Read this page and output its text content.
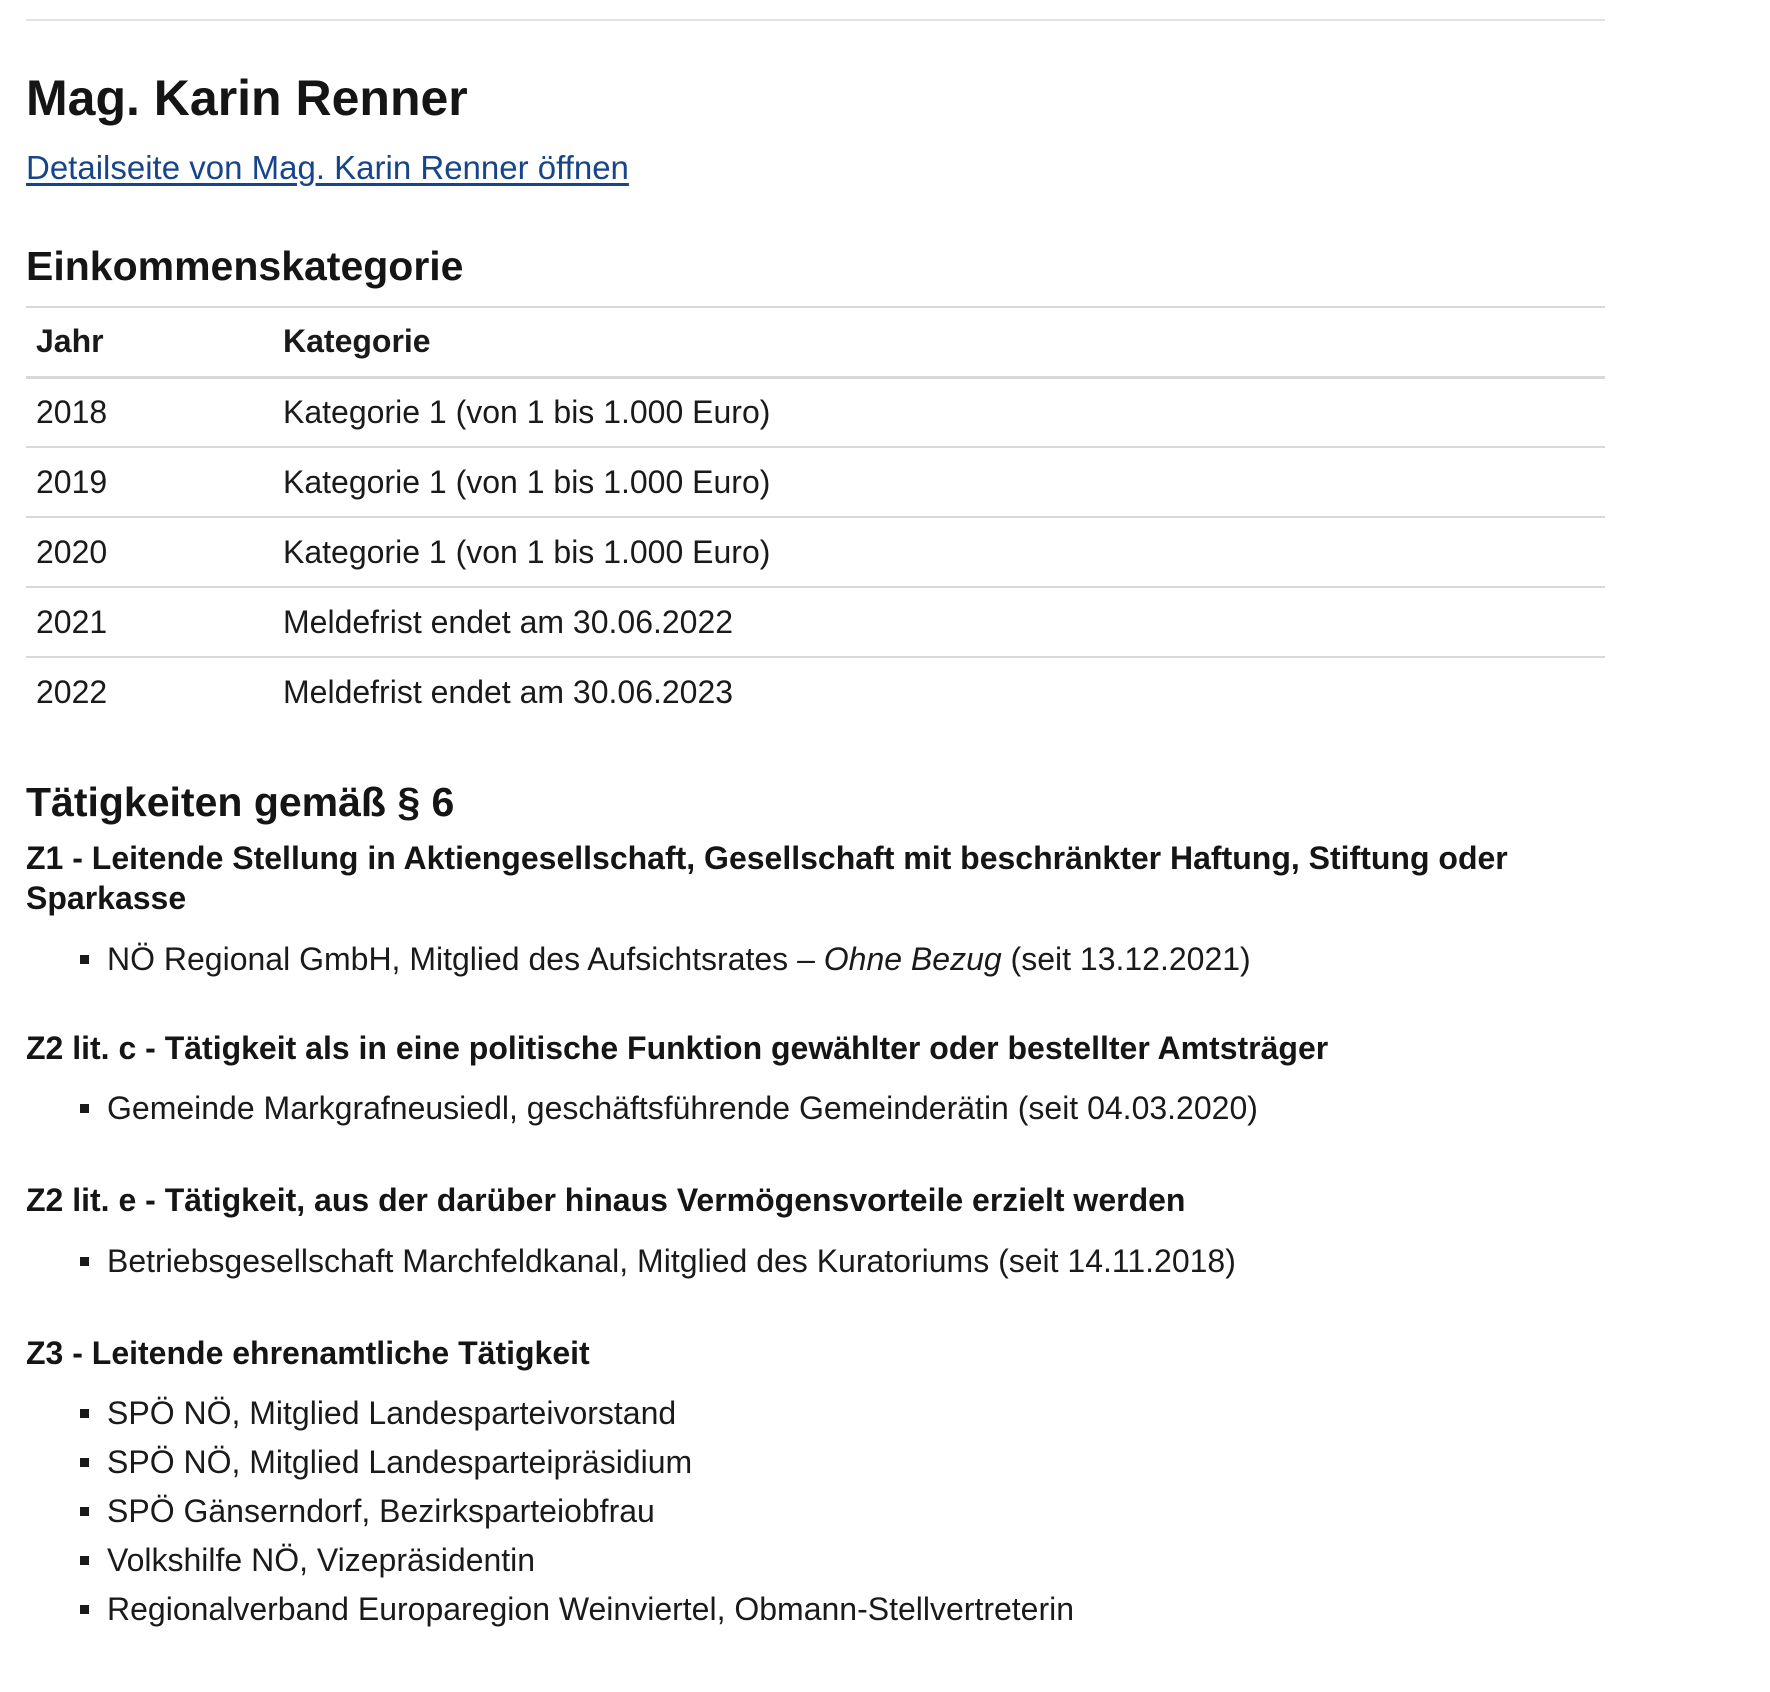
Mag. Karin Renner
Detailseite von Mag. Karin Renner öffnen
Einkommenskategorie
Jahr	Kategorie
2018	Kategorie 1 (von 1 bis 1.000 Euro)
2019	Kategorie 1 (von 1 bis 1.000 Euro)
2020	Kategorie 1 (von 1 bis 1.000 Euro)
2021	Meldefrist endet am 30.06.2022
2022	Meldefrist endet am 30.06.2023
Tätigkeiten gemäß § 6
Z1 - Leitende Stellung in Aktiengesellschaft, Gesellschaft mit beschränkter Haftung, Stiftung oder Sparkasse
NÖ Regional GmbH, Mitglied des Aufsichtsrates – Ohne Bezug (seit 13.12.2021)
Z2 lit. c - Tätigkeit als in eine politische Funktion gewählter oder bestellter Amtsträger
Gemeinde Markgrafneusiedl, geschäftsführende Gemeinderätin (seit 04.03.2020)
Z2 lit. e - Tätigkeit, aus der darüber hinaus Vermögensvorteile erzielt werden
Betriebsgesellschaft Marchfeldkanal, Mitglied des Kuratoriums (seit 14.11.2018)
Z3 - Leitende ehrenamtliche Tätigkeit
SPÖ NÖ, Mitglied Landesparteivorstand
SPÖ NÖ, Mitglied Landesparteipräsidium
SPÖ Gänserndorf, Bezirksparteiobfrau
Volkshilfe NÖ, Vizepräsidentin
Regionalverband Europaregion Weinviertel, Obmann-Stellvertreterin
